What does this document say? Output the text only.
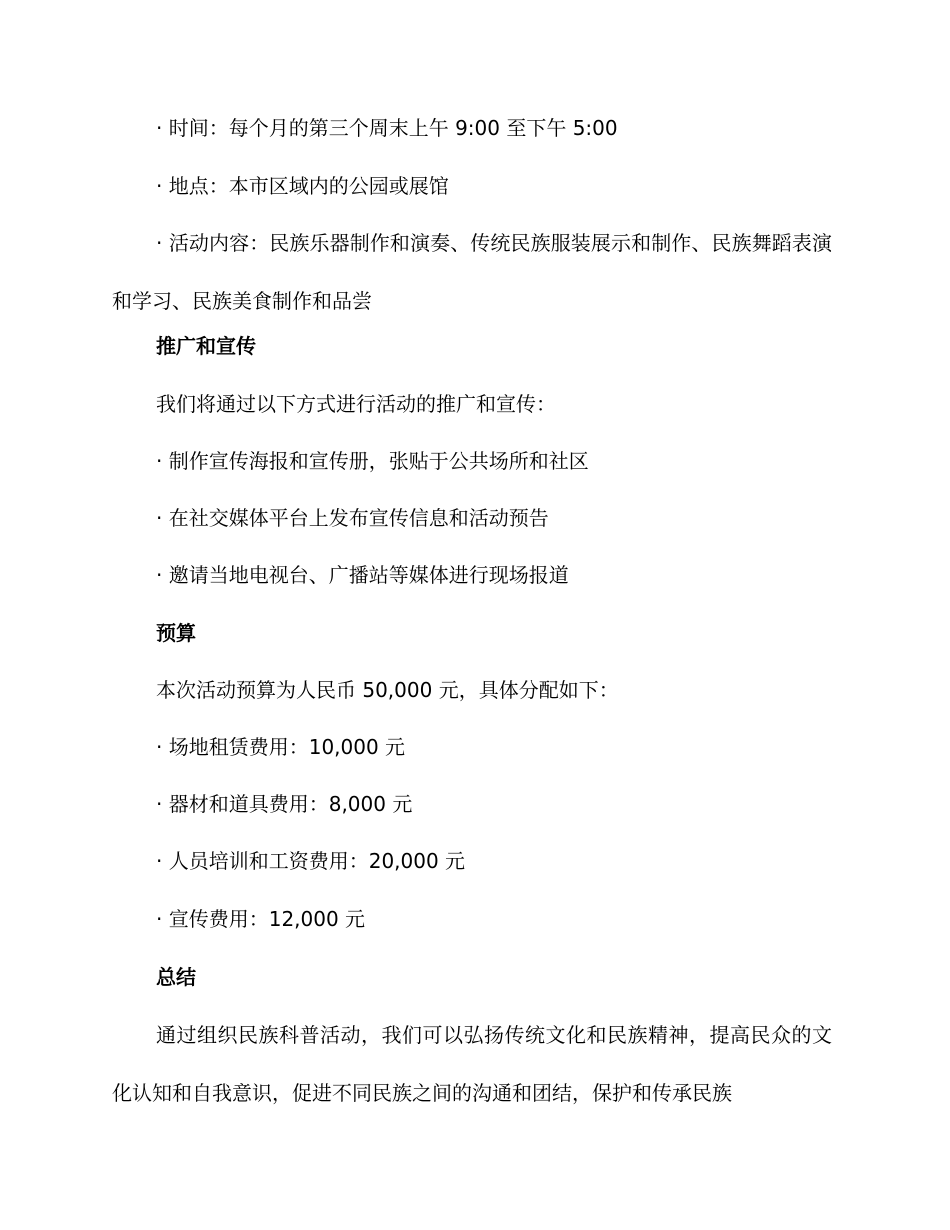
· 时间：每个月的第三个周末上午 9:00 至下午 5:00
· 地点：本市区域内的公园或展馆
· 活动内容：民族乐器制作和演奏、传统民族服装展示和制作、民族舞蹈表演和学习、民族美食制作和品尝
推广和宣传
我们将通过以下方式进行活动的推广和宣传：
· 制作宣传海报和宣传册，张贴于公共场所和社区
· 在社交媒体平台上发布宣传信息和活动预告
· 邀请当地电视台、广播站等媒体进行现场报道
预算
本次活动预算为人民币 50,000 元，具体分配如下：
· 场地租赁费用：10,000 元
· 器材和道具费用：8,000 元
· 人员培训和工资费用：20,000 元
· 宣传费用：12,000 元
总结
通过组织民族科普活动，我们可以弘扬传统文化和民族精神，提高民众的文化认知和自我意识，促进不同民族之间的沟通和团结，保护和传承民族
